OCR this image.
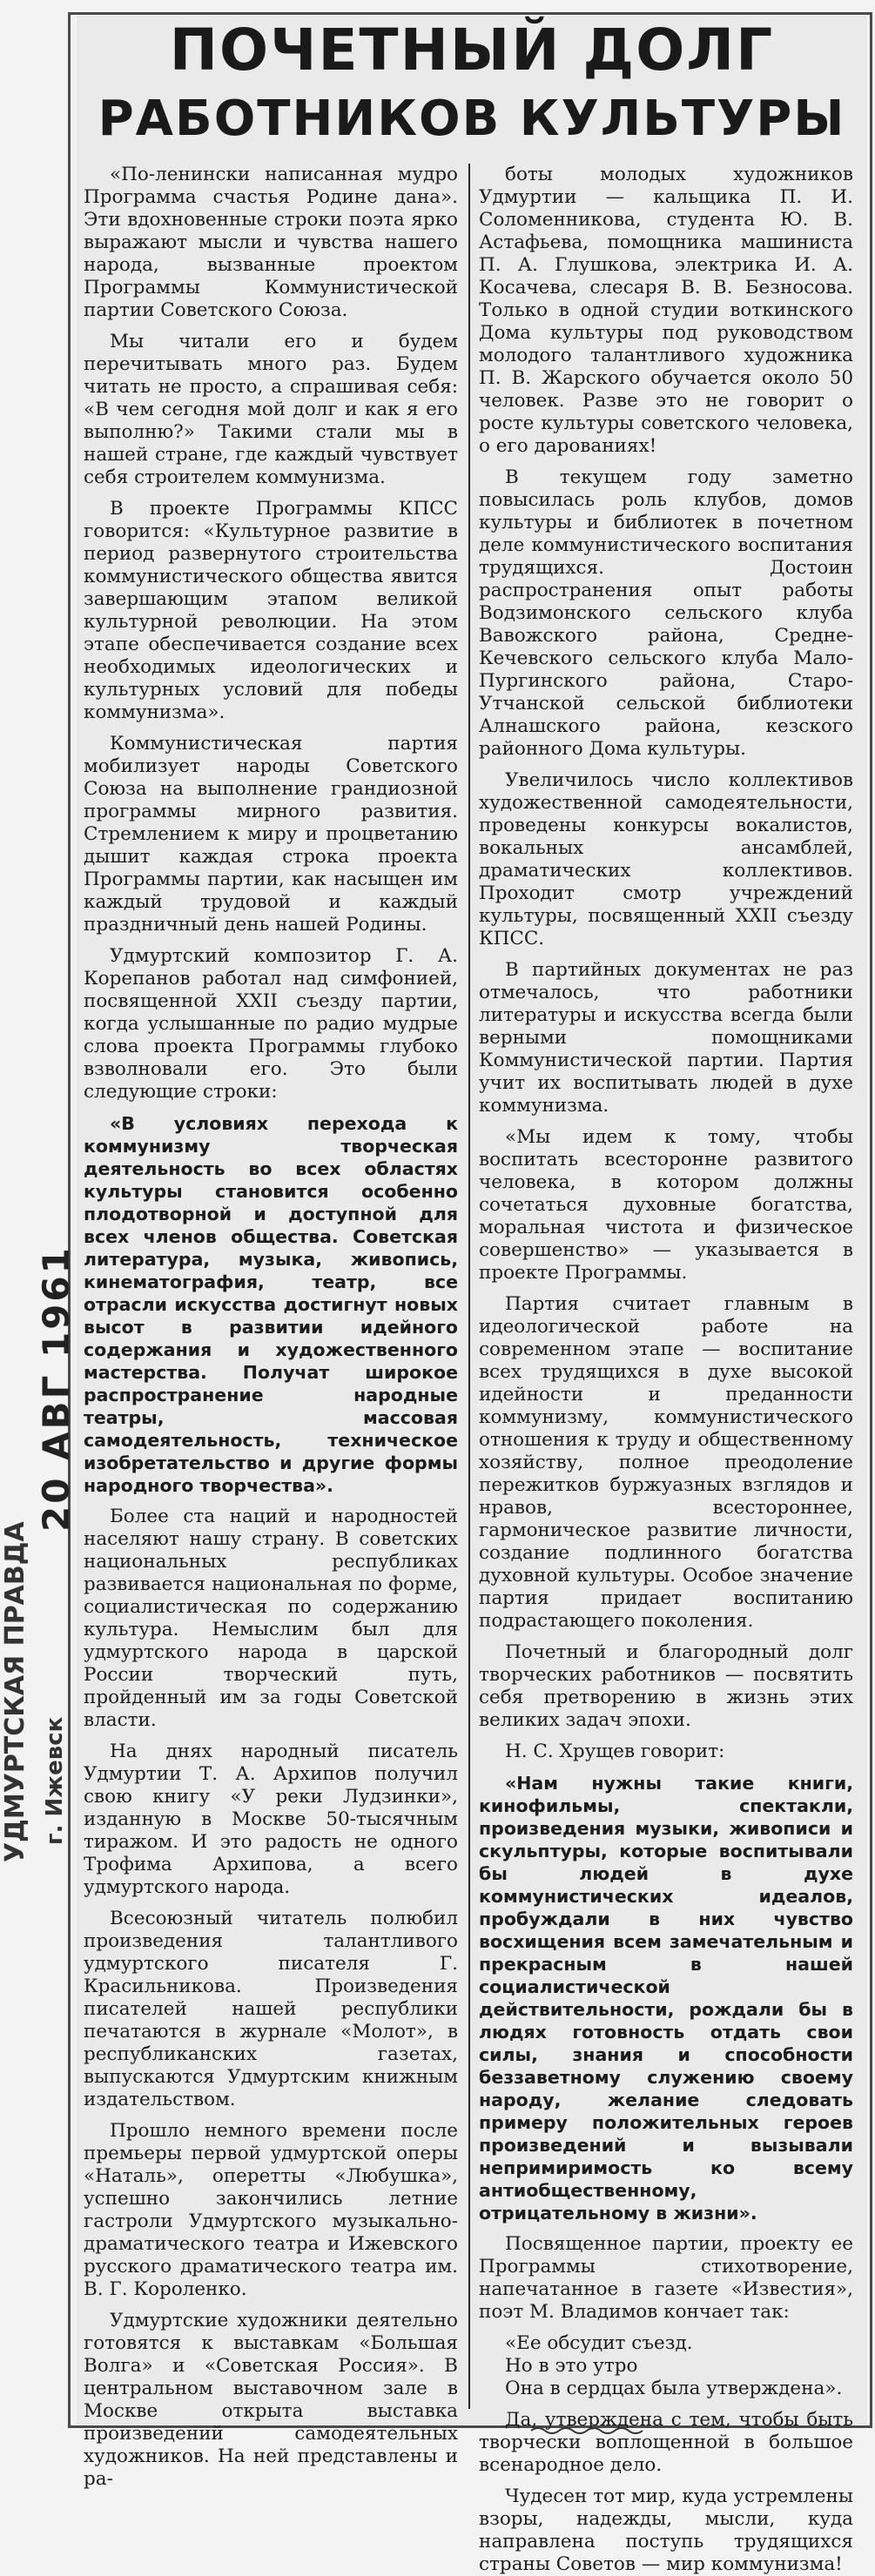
ПОЧЕТНЫЙ ДОЛГ
РАБОТНИКОВ КУЛЬТУРЫ

«По-ленински написанная мудро Программа счастья Родине дана». Эти вдохновенные строки поэта ярко выражают мысли и чувства нашего народа, вызванные проектом Программы Коммунистической партии Советского Союза.

Мы читали его и будем перечитывать много раз. Будем читать не просто, а спрашивая себя: «В чем сегодня мой долг и как я его выполню?» Такими стали мы в нашей стране, где каждый чувствует себя строителем коммунизма.

В проекте Программы КПСС говорится: «Культурное развитие в период развернутого строительства коммунистического общества явится завершающим этапом великой культурной революции. На этом этапе обеспечивается создание всех необходимых идеологических и культурных условий для победы коммунизма».

Коммунистическая партия мобилизует народы Советского Союза на выполнение грандиозной программы мирного развития. Стремлением к миру и процветанию дышит каждая строка проекта Программы партии, как насыщен им каждый трудовой и каждый праздничный день нашей Родины.

Удмуртский композитор Г. А. Корепанов работал над симфонией, посвященной XXII съезду партии, когда услышанные по радио мудрые слова проекта Программы глубоко взволновали его. Это были следующие строки:

«В условиях перехода к коммунизму творческая деятельность во всех областях культуры становится особенно плодотворной и доступной для всех членов общества. Советская литература, музыка, живопись, кинематография, театр, все отрасли искусства достигнут новых высот в развитии идейного содержания и художественного мастерства. Получат широкое распространение народные театры, массовая самодеятельность, техническое изобретательство и другие формы народного творчества».

Более ста наций и народностей населяют нашу страну. В советских национальных республиках развивается национальная по форме, социалистическая по содержанию культура. Немыслим был для удмуртского народа в царской России творческий путь, пройденный им за годы Советской власти.

На днях народный писатель Удмуртии Т. А. Архипов получил свою книгу «У реки Лудзинки», изданную в Москве 50-тысячным тиражом. И это радость не одного Трофима Архипова, а всего удмуртского народа.

Всесоюзный читатель полюбил произведения талантливого удмуртского писателя Г. Красильникова. Произведения писателей нашей республики печатаются в журнале «Молот», в республиканских газетах, выпускаются Удмуртским книжным издательством.

Прошло немного времени после премьеры первой удмуртской оперы «Наталь», оперетты «Любушка», успешно закончились летние гастроли Удмуртского музыкально-драматического театра и Ижевского русского драматического театра им. В. Г. Короленко.

Удмуртские художники деятельно готовятся к выставкам «Большая Волга» и «Советская Россия». В центральном выставочном зале в Москве открыта выставка произведений самодеятельных художников. На ней представлены и ра-

боты молодых художников Удмуртии — кальщика П. И. Соломенникова, студента Ю. В. Астафьева, помощника машиниста П. А. Глушкова, электрика И. А. Косачева, слесаря В. В. Безносова. Только в одной студии воткинского Дома культуры под руководством молодого талантливого художника П. В. Жарского обучается около 50 человек. Разве это не говорит о росте культуры советского человека, о его дарованиях!

В текущем году заметно повысилась роль клубов, домов культуры и библиотек в почетном деле коммунистического воспитания трудящихся. Достоин распространения опыт работы Водзимонского сельского клуба Вавожского района, Средне-Кечевского сельского клуба Мало-Пургинского района, Старо-Утчанской сельской библиотеки Алнашского района, кезского районного Дома культуры.

Увеличилось число коллективов художественной самодеятельности, проведены конкурсы вокалистов, вокальных ансамблей, драматических коллективов. Проходит смотр учреждений культуры, посвященный XXII съезду КПСС.

В партийных документах не раз отмечалось, что работники литературы и искусства всегда были верными помощниками Коммунистической партии. Партия учит их воспитывать людей в духе коммунизма.

«Мы идем к тому, чтобы воспитать всесторонне развитого человека, в котором должны сочетаться духовные богатства, моральная чистота и физическое совершенство» — указывается в проекте Программы.

Партия считает главным в идеологической работе на современном этапе — воспитание всех трудящихся в духе высокой идейности и преданности коммунизму, коммунистического отношения к труду и общественному хозяйству, полное преодоление пережитков буржуазных взглядов и нравов, всестороннее, гармоническое развитие личности, создание подлинного богатства духовной культуры. Особое значение партия придает воспитанию подрастающего поколения.

Почетный и благородный долг творческих работников — посвятить себя претворению в жизнь этих великих задач эпохи.

Н. С. Хрущев говорит:

«Нам нужны такие книги, кинофильмы, спектакли, произведения музыки, живописи и скульптуры, которые воспитывали бы людей в духе коммунистических идеалов, пробуждали в них чувство восхищения всем замечательным и прекрасным в нашей социалистической действительности, рождали бы в людях готовность отдать свои силы, знания и способности беззаветному служению своему народу, желание следовать примеру положительных героев произведений и вызывали непримиримость ко всему антиобщественному, отрицательному в жизни».

Посвященное партии, проекту ее Программы стихотворение, напечатанное в газете «Известия», поэт М. Владимов кончает так:

«Ее обсудит съезд.

Но в это утро

Она в сердцах была утверждена».

Да, утверждена с тем, чтобы быть творчески воплощенной в большое всенародное дело.

Чудесен тот мир, куда устремлены взоры, надежды, мысли, куда направлена поступь трудящихся страны Советов — мир коммунизма!

20 АВГ 1961
УДМУРТСКАЯ ПРАВДА г. Ижевск
